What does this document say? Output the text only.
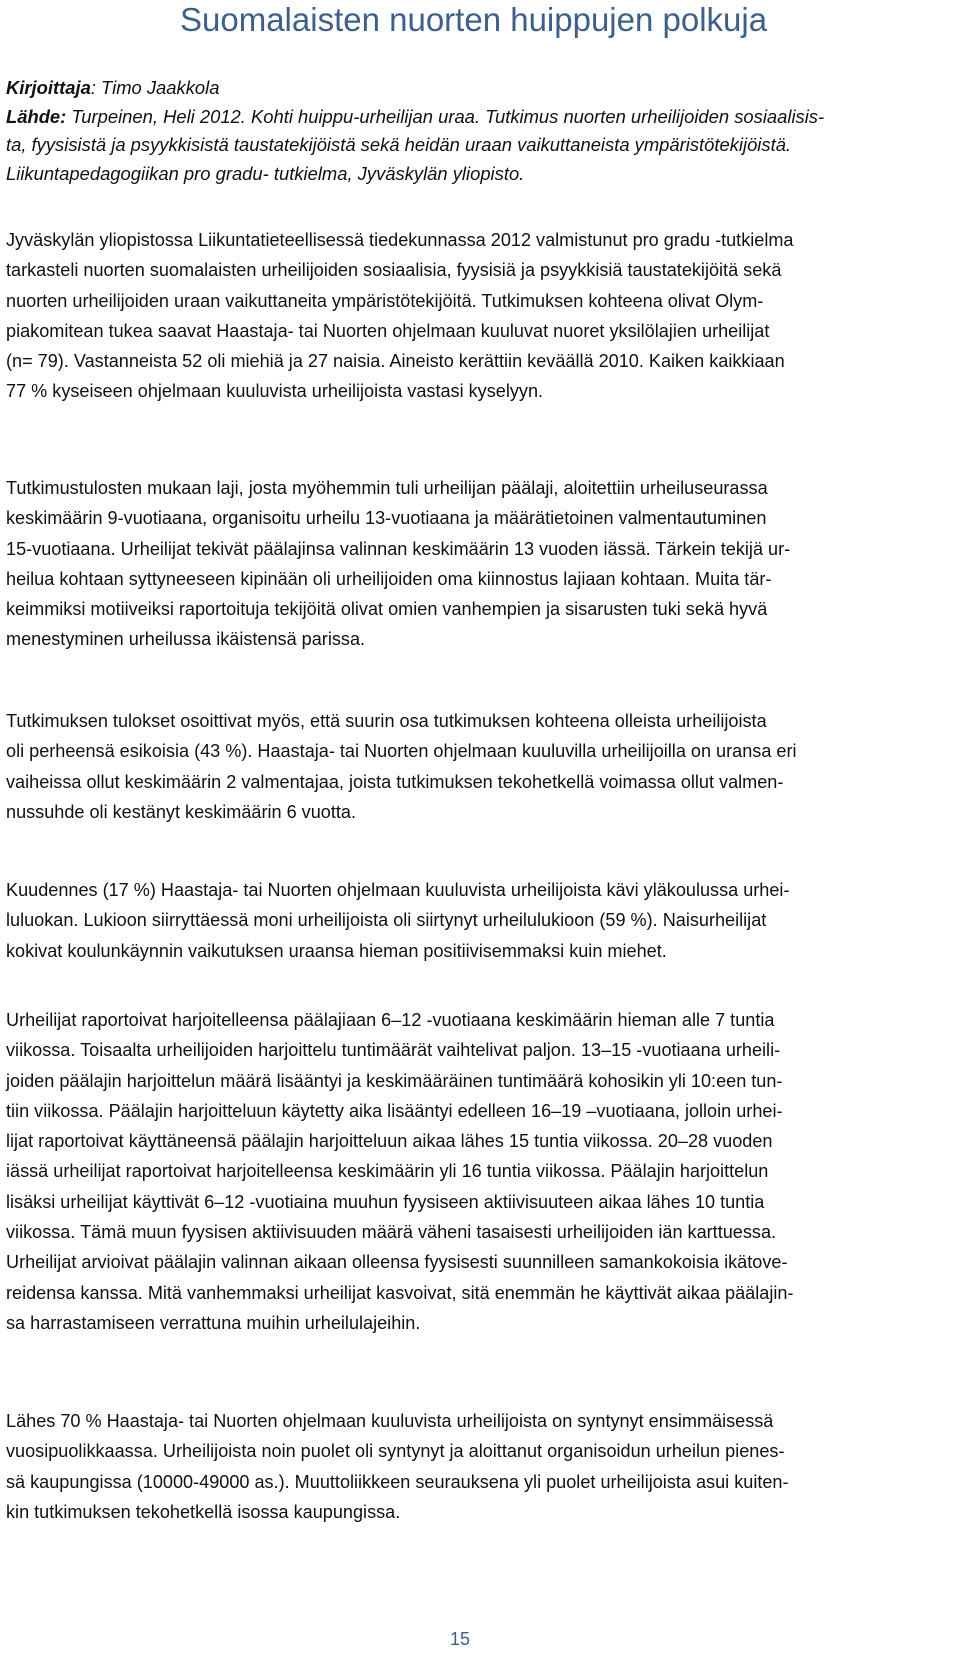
Suomalaisten nuorten huippujen polkuja
Kirjoittaja: Timo Jaakkola
Lähde: Turpeinen, Heli 2012. Kohti huippu-urheilijan uraa. Tutkimus nuorten urheilijoiden sosiaalisis-
ta, fyysisistä ja psyykkisistä taustatekijöistä sekä heidän uraan vaikuttaneista ympäristötekijöistä.
Liikuntapedagogiikan pro gradu- tutkielma, Jyväskylän yliopisto.
Jyväskylän yliopistossa Liikuntatieteellisessä tiedekunnassa 2012 valmistunut pro gradu -tutkielma
tarkasteli nuorten suomalaisten urheilijoiden sosiaalisia, fyysisiä ja psyykkisiä taustatekijöitä sekä
nuorten urheilijoiden uraan vaikuttaneita ympäristötekijöitä. Tutkimuksen kohteena olivat Olym-
piakomitean tukea saavat Haastaja- tai Nuorten ohjelmaan kuuluvat nuoret yksilölajien urheilijat
(n= 79). Vastanneista 52 oli miehiä ja 27 naisia. Aineisto kerättiin keväällä 2010. Kaiken kaikkiaan
77 % kyseiseen ohjelmaan kuuluvista urheilijoista vastasi kyselyyn.
Tutkimustulosten mukaan laji, josta myöhemmin tuli urheilijan päälaji, aloitettiin urheiluseurassa
keskimäärin 9-vuotiaana, organisoitu urheilu 13-vuotiaana ja määrätietoinen valmentautuminen
15-vuotiaana. Urheilijat tekivät päälajinsa valinnan keskimäärin 13 vuoden iässä. Tärkein tekijä ur-
heilua kohtaan syttyneeseen kipinään oli urheilijoiden oma kiinnostus lajiaan kohtaan. Muita tär-
keimmiksi motiiveiksi raportoituja tekijöitä olivat omien vanhempien ja sisarusten tuki sekä hyvä
menestyminen urheilussa ikäistensä parissa.
Tutkimuksen tulokset osoittivat myös, että suurin osa tutkimuksen kohteena olleista urheilijoista
oli perheensä esikoisia (43 %). Haastaja- tai Nuorten ohjelmaan kuuluvilla urheilijoilla on uransa eri
vaiheissa ollut keskimäärin 2 valmentajaa, joista tutkimuksen tekohetkellä voimassa ollut valmen-
nussuhde oli kestänyt keskimäärin 6 vuotta.
Kuudennes (17 %) Haastaja- tai Nuorten ohjelmaan kuuluvista urheilijoista kävi yläkoulussa urhei-
luluokan. Lukioon siirryttäessä moni urheilijoista oli siirtynyt urheilulukioon (59 %). Naisurheilijat
kokivat koulunkäynnin vaikutuksen uraansa hieman positiivisemmaksi kuin miehet.
Urheilijat raportoivat harjoitelleensa päälajiaan 6–12 -vuotiaana keskimäärin hieman alle 7 tuntia
viikossa. Toisaalta urheilijoiden harjoittelu tuntimäärät vaihtelivat paljon. 13–15 -vuotiaana urheili-
joiden päälajin harjoittelun määrä lisääntyi ja keskimääräinen tuntimäärä kohosikin yli 10:een tun-
tiin viikossa. Päälajin harjoitteluun käytetty aika lisääntyi edelleen 16–19 –vuotiaana, jolloin urhei-
lijat raportoivat käyttäneensä päälajin harjoitteluun aikaa lähes 15 tuntia viikossa. 20–28 vuoden
iässä urheilijat raportoivat harjoitelleensa keskimäärin yli 16 tuntia viikossa. Päälajin harjoittelun
lisäksi urheilijat käyttivät 6–12 -vuotiaina muuhun fyysiseen aktiivisuuteen aikaa lähes 10 tuntia
viikossa. Tämä muun fyysisen aktiivisuuden määrä väheni tasaisesti urheilijoiden iän karttuessa.
Urheilijat arvioivat päälajin valinnan aikaan olleensa fyysisesti suunnilleen samankokoisia ikätove-
reidensa kanssa. Mitä vanhemmaksi urheilijat kasvoivat, sitä enemmän he käyttivät aikaa päälajin-
sa harrastamiseen verrattuna muihin urheilulajeihin.
Lähes 70 % Haastaja- tai Nuorten ohjelmaan kuuluvista urheilijoista on syntynyt ensimmäisessä
vuosipuolikkaassa. Urheilijoista noin puolet oli syntynyt ja aloittanut organisoidun urheilun pienes-
sä kaupungissa (10000-49000 as.). Muuttoliikkeen seurauksena yli puolet urheilijoista asui kuiten-
kin tutkimuksen tekohetkellä isossa kaupungissa.
15
